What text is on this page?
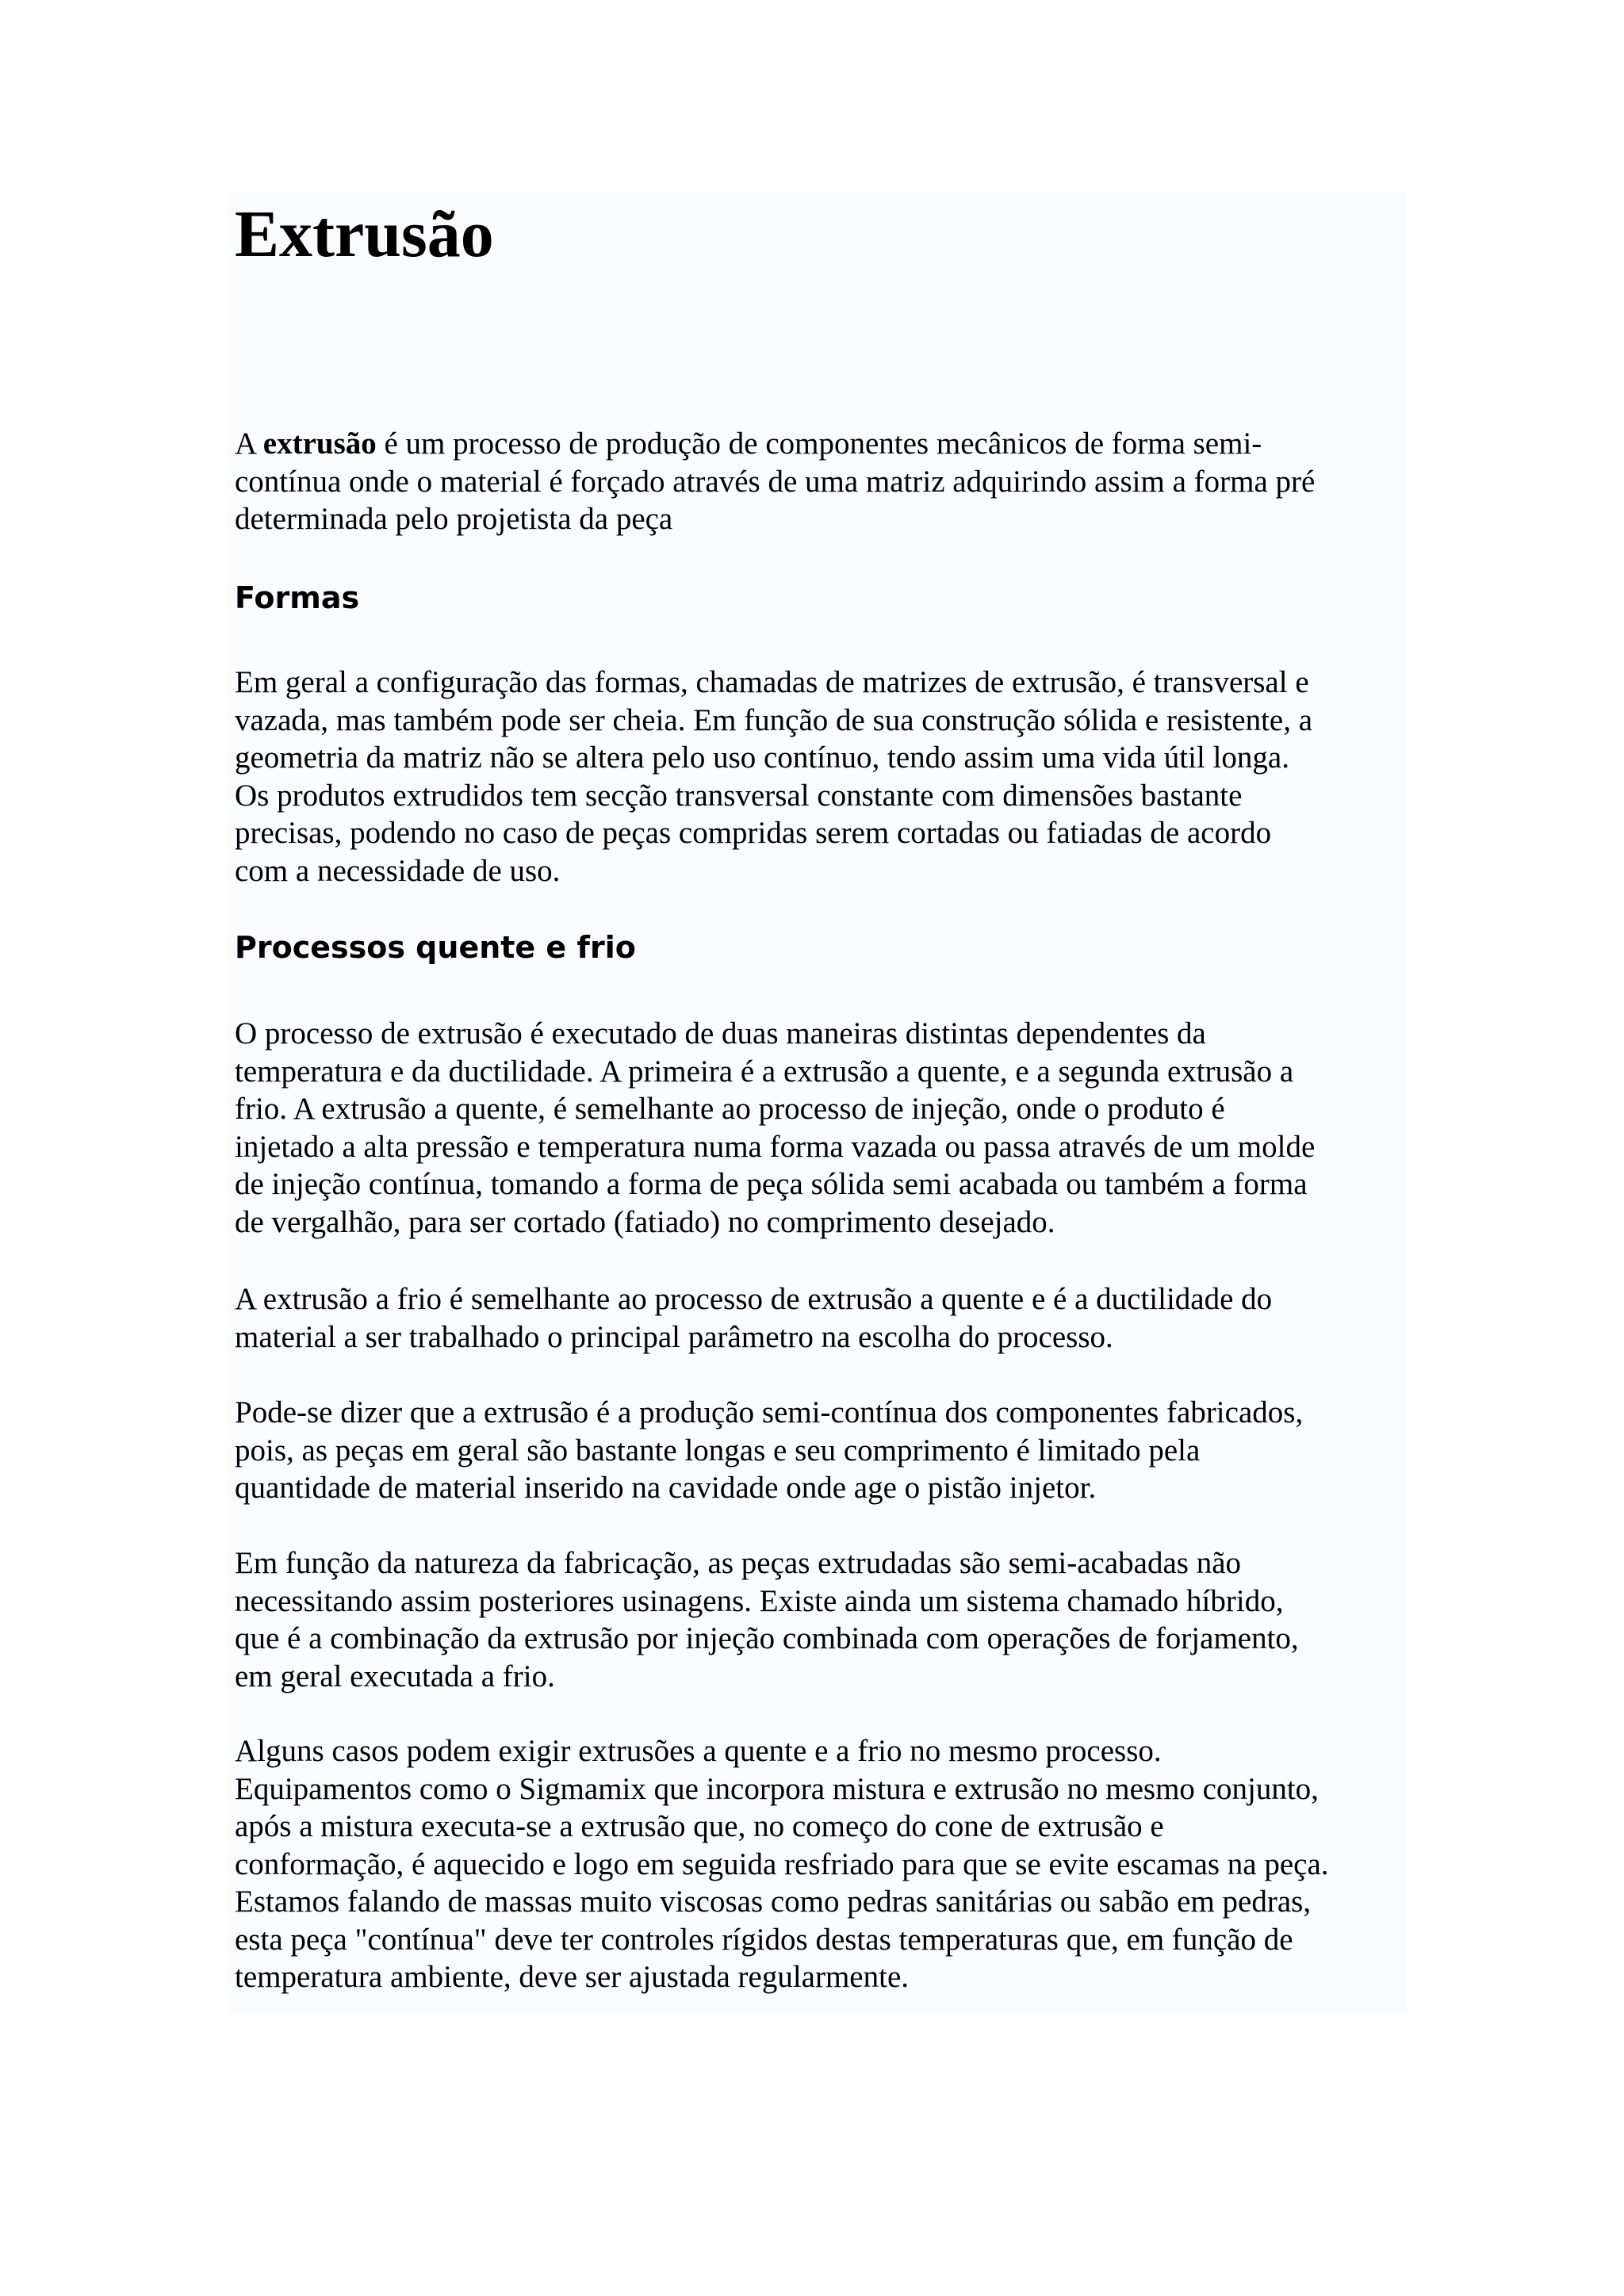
Extrusão

A extrusão é um processo de produção de componentes mecânicos de forma semi-
contínua onde o material é forçado através de uma matriz adquirindo assim a forma pré
determinada pelo projetista da peça

Formas

Em geral a configuração das formas, chamadas de matrizes de extrusão, é transversal e
vazada, mas também pode ser cheia. Em função de sua construção sólida e resistente, a
geometria da matriz não se altera pelo uso contínuo, tendo assim uma vida útil longa.
Os produtos extrudidos tem secção transversal constante com dimensões bastante
precisas, podendo no caso de peças compridas serem cortadas ou fatiadas de acordo
com a necessidade de uso.

Processos quente e frio

O processo de extrusão é executado de duas maneiras distintas dependentes da
temperatura e da ductilidade. A primeira é a extrusão a quente, e a segunda extrusão a
frio. A extrusão a quente, é semelhante ao processo de injeção, onde o produto é
injetado a alta pressão e temperatura numa forma vazada ou passa através de um molde
de injeção contínua, tomando a forma de peça sólida semi acabada ou também a forma
de vergalhão, para ser cortado (fatiado) no comprimento desejado.

A extrusão a frio é semelhante ao processo de extrusão a quente e é a ductilidade do
material a ser trabalhado o principal parâmetro na escolha do processo.

Pode-se dizer que a extrusão é a produção semi-contínua dos componentes fabricados,
pois, as peças em geral são bastante longas e seu comprimento é limitado pela
quantidade de material inserido na cavidade onde age o pistão injetor.

Em função da natureza da fabricação, as peças extrudadas são semi-acabadas não
necessitando assim posteriores usinagens. Existe ainda um sistema chamado híbrido,
que é a combinação da extrusão por injeção combinada com operações de forjamento,
em geral executada a frio.

Alguns casos podem exigir extrusões a quente e a frio no mesmo processo.
Equipamentos como o Sigmamix que incorpora mistura e extrusão no mesmo conjunto,
após a mistura executa-se a extrusão que, no começo do cone de extrusão e
conformação, é aquecido e logo em seguida resfriado para que se evite escamas na peça.
Estamos falando de massas muito viscosas como pedras sanitárias ou sabão em pedras,
esta peça "contínua" deve ter controles rígidos destas temperaturas que, em função de
temperatura ambiente, deve ser ajustada regularmente.
